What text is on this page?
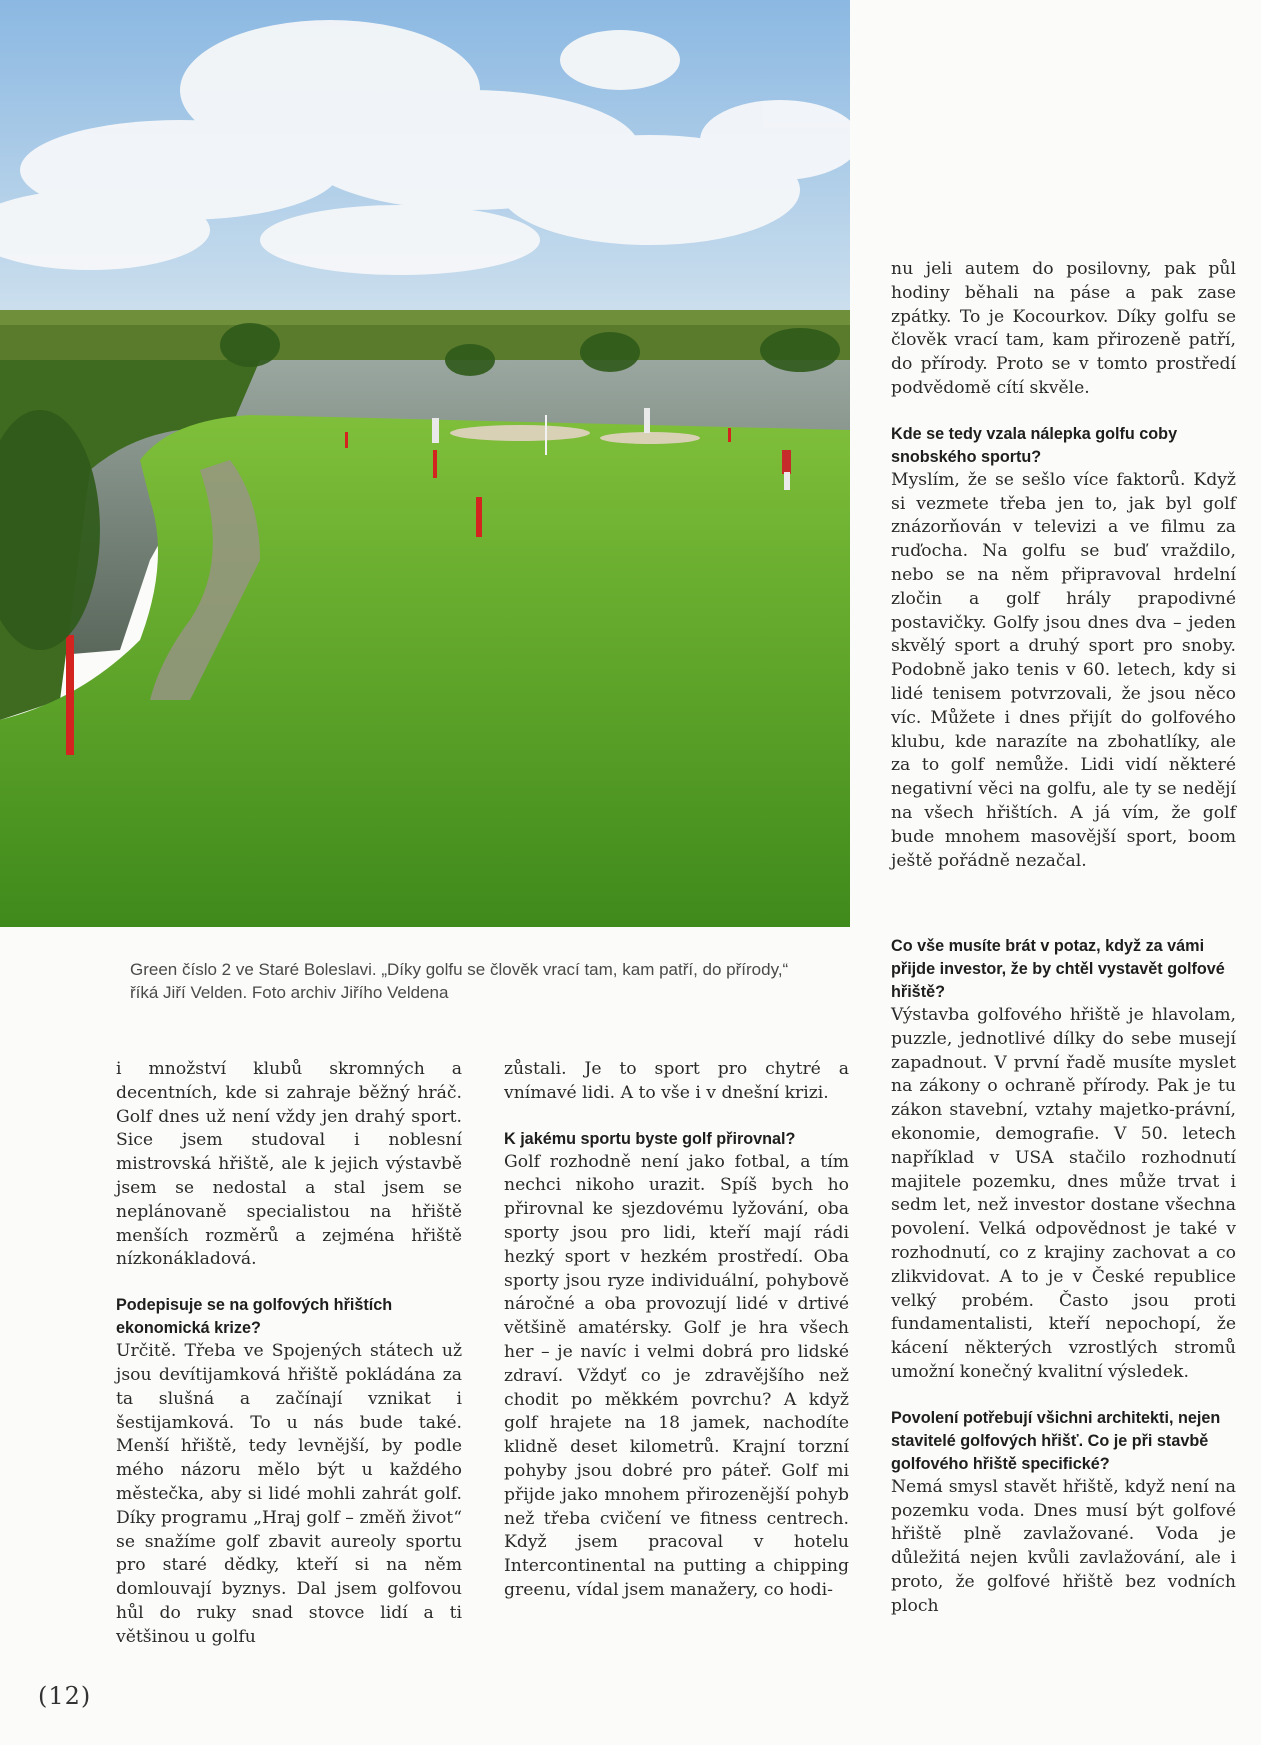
Green číslo 2 ve Staré Boleslavi. „Díky golfu se člověk vrací tam, kam patří, do přírody,“
říká Jiří Velden. Foto archiv Jiřího Veldena

nu jeli autem do posilovny, pak půl hodiny běhali na páse a pak zase zpátky. To je Kocourkov. Díky golfu se člověk vrací tam, kam přirozeně patří, do přírody. Proto se v tomto prostředí podvědomě cítí skvěle.

Kde se tedy vzala nálepka golfu coby snobského sportu?

Myslím, že se sešlo více faktorů. Když si vezmete třeba jen to, jak byl golf znázorňován v televizi a ve filmu za ruďocha. Na golfu se buď vraždilo, nebo se na něm připravoval hrdelní zločin a golf hrály prapodivné postavičky. Golfy jsou dnes dva – jeden skvělý sport a druhý sport pro snoby. Podobně jako tenis v 60. letech, kdy si lidé tenisem potvrzovali, že jsou něco víc. Můžete i dnes přijít do golfového klubu, kde narazíte na zbohatlíky, ale za to golf nemůže. Lidi vidí některé negativní věci na golfu, ale ty se nedějí na všech hřištích. A já vím, že golf bude mnohem masovější sport, boom ještě pořádně nezačal.

Co vše musíte brát v potaz, když za vámi přijde investor, že by chtěl vystavět golfové hřiště?

Výstavba golfového hřiště je hlavolam, puzzle, jednotlivé dílky do sebe musejí zapadnout. V první řadě musíte myslet na zákony o ochraně přírody. Pak je tu zákon stavební, vztahy majetko-právní, ekonomie, demografie. V 50. letech například v USA stačilo rozhodnutí majitele pozemku, dnes může trvat i sedm let, než investor dostane všechna povolení. Velká odpovědnost je také v rozhodnutí, co z krajiny zachovat a co zlikvidovat. A to je v České republice velký probém. Často jsou proti fundamentalisti, kteří nepochopí, že kácení některých vzrostlých stromů umožní konečný kvalitní výsledek.

Povolení potřebují všichni architekti, nejen stavitelé golfových hřišť. Co je při stavbě golfového hřiště specifické?

Nemá smysl stavět hřiště, když není na pozemku voda. Dnes musí být golfové hřiště plně zavlažované. Voda je důležitá nejen kvůli zavlažování, ale i proto, že golfové hřiště bez vodních ploch

i množství klubů skromných a decentních, kde si zahraje běžný hráč. Golf dnes už není vždy jen drahý sport. Sice jsem studoval i noblesní mistrovská hřiště, ale k jejich výstavbě jsem se nedostal a stal jsem se neplánovaně specialistou na hřiště menších rozměrů a zejména hřiště nízkonákladová.

Podepisuje se na golfových hřištích ekonomická krize?

Určitě. Třeba ve Spojených státech už jsou devítijamková hřiště pokládána za ta slušná a začínají vznikat i šestijamková. To u nás bude také. Menší hřiště, tedy levnější, by podle mého názoru mělo být u každého městečka, aby si lidé mohli zahrát golf. Díky programu „Hraj golf – změň život“ se snažíme golf zbavit aureoly sportu pro staré dědky, kteří si na něm domlouvají byznys. Dal jsem golfovou hůl do ruky snad stovce lidí a ti většinou u golfu

zůstali. Je to sport pro chytré a vnímavé lidi. A to vše i v dnešní krizi.

K jakému sportu byste golf přirovnal?

Golf rozhodně není jako fotbal, a tím nechci nikoho urazit. Spíš bych ho přirovnal ke sjezdovému lyžování, oba sporty jsou pro lidi, kteří mají rádi hezký sport v hezkém prostředí. Oba sporty jsou ryze individuální, pohybově náročné a oba provozují lidé v drtivé většině amatérsky. Golf je hra všech her – je navíc i velmi dobrá pro lidské zdraví. Vždyť co je zdravějšího než chodit po měkkém povrchu? A když golf hrajete na 18 jamek, nachodíte klidně deset kilometrů. Krajní torzní pohyby jsou dobré pro páteř. Golf mi přijde jako mnohem přirozenější pohyb než třeba cvičení ve fitness centrech. Když jsem pracoval v hotelu Intercontinental na putting a chipping greenu, vídal jsem manažery, co hodi-

(12)
